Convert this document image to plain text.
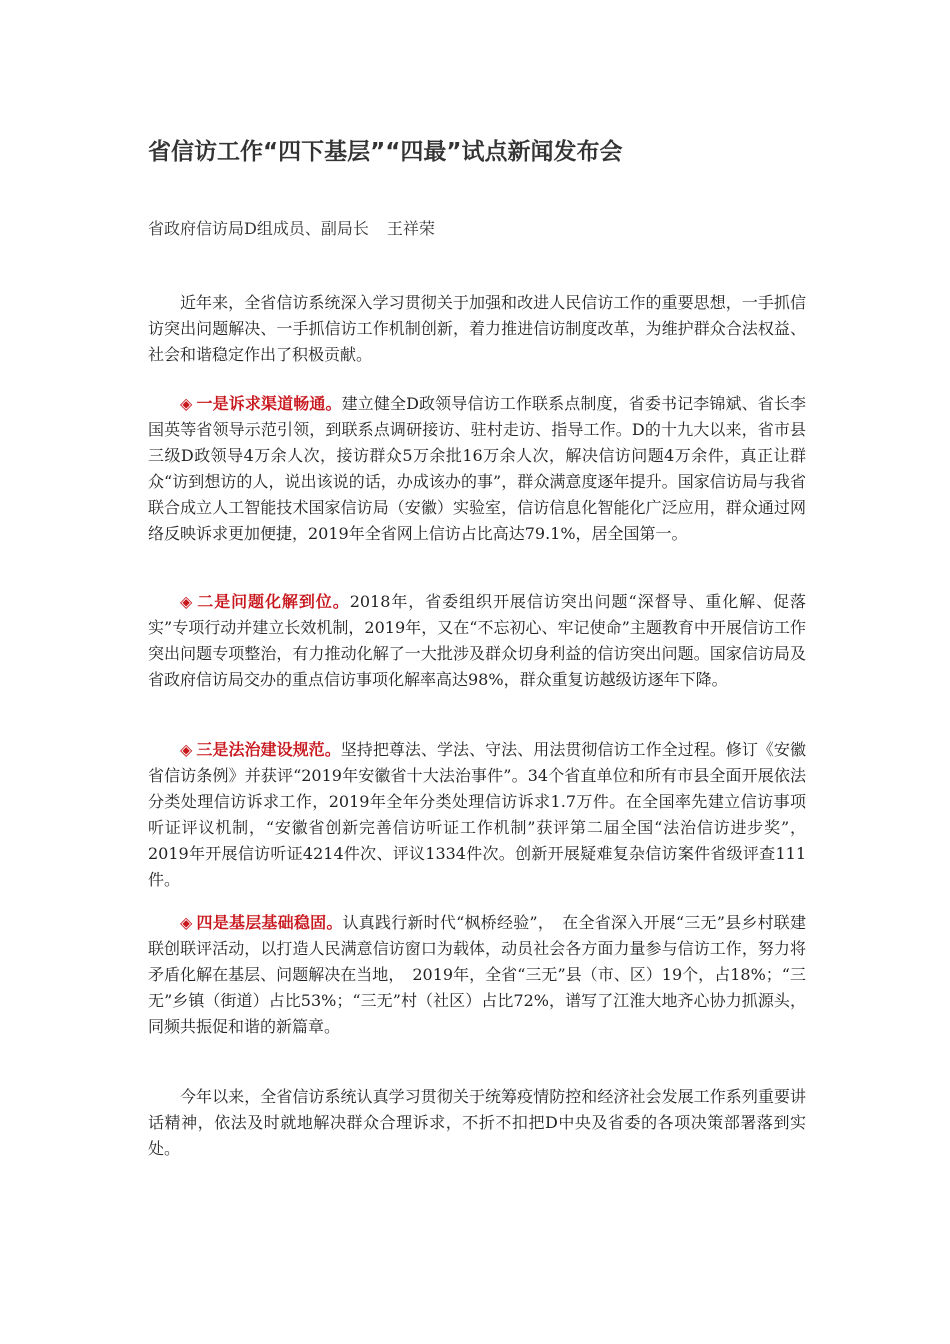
省信访工作“四下基层”“四最”试点新闻发布会
省政府信访局D组成员、副局长 王祥荣

近年来，全省信访系统深入学习贯彻关于加强和改进人民信访工作的重要思想，一手抓信访突出问题解决、一手抓信访工作机制创新，着力推进信访制度改革，为维护群众合法权益、社会和谐稳定作出了积极贡献。

◈ 一是诉求渠道畅通。建立健全D政领导信访工作联系点制度，省委书记李锦斌、省长李国英等省领导示范引领，到联系点调研接访、驻村走访、指导工作。D的十九大以来，省市县三级D政领导4万余人次，接访群众5万余批16万余人次，解决信访问题4万余件，真正让群众“访到想访的人，说出该说的话，办成该办的事”，群众满意度逐年提升。国家信访局与我省联合成立人工智能技术国家信访局（安徽）实验室，信访信息化智能化广泛应用，群众通过网络反映诉求更加便捷，2019年全省网上信访占比高达79.1%，居全国第一。

◈ 二是问题化解到位。2018年，省委组织开展信访突出问题“深督导、重化解、促落实”专项行动并建立长效机制，2019年，又在“不忘初心、牢记使命”主题教育中开展信访工作突出问题专项整治，有力推动化解了一大批涉及群众切身利益的信访突出问题。国家信访局及省政府信访局交办的重点信访事项化解率高达98%，群众重复访越级访逐年下降。

◈ 三是法治建设规范。坚持把尊法、学法、守法、用法贯彻信访工作全过程。修订《安徽省信访条例》并获评“2019年安徽省十大法治事件”。34个省直单位和所有市县全面开展依法分类处理信访诉求工作，2019年全年分类处理信访诉求1.7万件。在全国率先建立信访事项听证评议机制，“安徽省创新完善信访听证工作机制”获评第二届全国“法治信访进步奖”，2019年开展信访听证4214件次、评议1334件次。创新开展疑难复杂信访案件省级评查111件。

◈ 四是基层基础稳固。认真践行新时代“枫桥经验”，　在全省深入开展“三无”县乡村联建联创联评活动，以打造人民满意信访窗口为载体，动员社会各方面力量参与信访工作，努力将矛盾化解在基层、问题解决在当地，　2019年，全省“三无”县（市、区）19个，占18%；“三无”乡镇（街道）占比53%；“三无”村（社区）占比72%，谱写了江淮大地齐心协力抓源头，同频共振促和谐的新篇章。

今年以来，全省信访系统认真学习贯彻关于统筹疫情防控和经济社会发展工作系列重要讲话精神，依法及时就地解决群众合理诉求，不折不扣把D中央及省委的各项决策部署落到实处。
